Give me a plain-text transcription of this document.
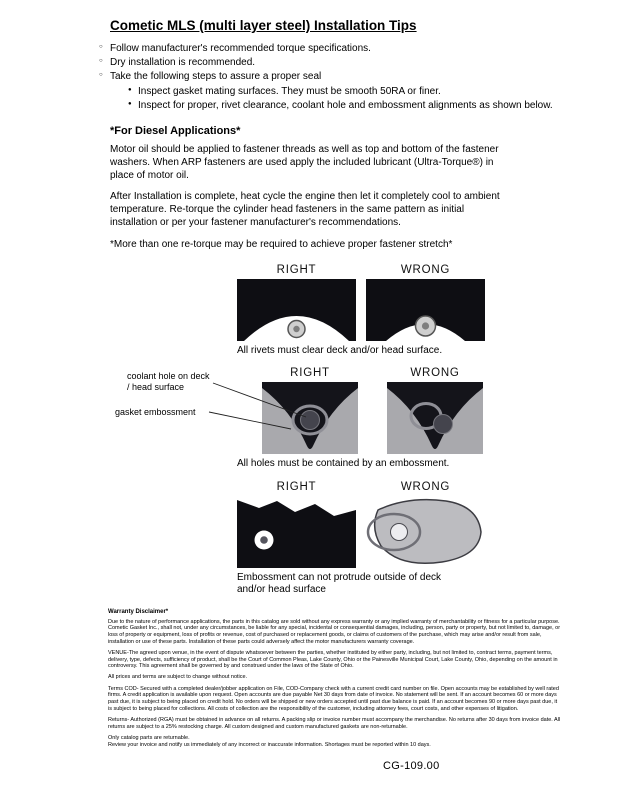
Cometic MLS (multi layer steel) Installation Tips
○ Follow manufacturer's recommended torque specifications.
○ Dry installation is recommended.
○ Take the following steps to assure a proper seal
● Inspect gasket mating surfaces. They must be smooth 50RA or finer.
● Inspect for proper, rivet clearance, coolant hole and embossment alignments as shown below.
*For Diesel Applications*

Motor oil should be applied to fastener threads as well as top and bottom of the fastener washers. When ARP fasteners are used apply the included lubricant (Ultra-Torque®) in place of motor oil.

After Installation is complete, heat cycle the engine then let it completely cool to ambient temperature. Re-torque the cylinder head fasteners in the same pattern as initial installation or per your fastener manufacturer's recommendations.

*More than one re-torque may be required to achieve proper fastener stretch*

RIGHT	WRONG
All rivets must clear deck and/or head surface.
RIGHT	WRONG
All holes must be contained by an embossment.
coolant hole on deck / head surface
gasket embossment
RIGHT	WRONG
Embossment can not protrude outside of deck and/or head surface
Warranty Disclaimer*

Due to the nature of performance applications, the parts in this catalog are sold without any express warranty or any implied warranty of merchantability or fitness for a particular purpose. Cometic Gasket Inc., shall not, under any circumstances, be liable for any special, incidental or consequential damages, including, person, party or property, but not limited to, damage, or loss of property or equipment, loss of profits or revenue, cost of purchased or replacement goods, or claims of customers of the purchase, which may arise and/or result from sale, installation or use of these parts. Installation of these parts could adversely affect the motor manufacturers warranty coverage.

VENUE-The agreed upon venue, in the event of dispute whatsoever between the parties, whether instituted by either party, including, but not limited to, contract terms, payment terms, delivery, type, defects, sufficiency of product, shall be the Court of Common Pleas, Lake County, Ohio or the Painesville Municipal Court, Lake County, Ohio, depending on the amount in controversy. This agreement shall be governed by and construed under the laws of the State of Ohio.

All prices and terms are subject to change without notice.

Terms COD- Secured with a completed dealer/jobber application on File, COD-Company check with a current credit card number on file. Open accounts may be established by well rated firms. A credit application is available upon request. Open accounts are due payable Net 30 days from date of invoice. No statement will be sent. If an account becomes 60 or more days past due, it is subject to being placed on credit hold. No orders will be shipped or new orders accepted until past due balance is paid. If an account becomes 90 or more days past due, it is subject to being placed for collections. All costs of collection are the responsibility of the customer, including attorney fees, court costs, and other expenses of litigation.

Returns- Authorized (RGA) must be obtained in advance on all returns. A packing slip or invoice number must accompany the merchandise. No returns after 30 days from invoice date. All returns are subject to a 25% restocking charge. All custom designed and custom manufactured gaskets are non-returnable.

Only catalog parts are returnable.

Review your invoice and notify us immediately of any incorrect or inaccurate information. Shortages must be reported within 10 days.

CG-109.00
